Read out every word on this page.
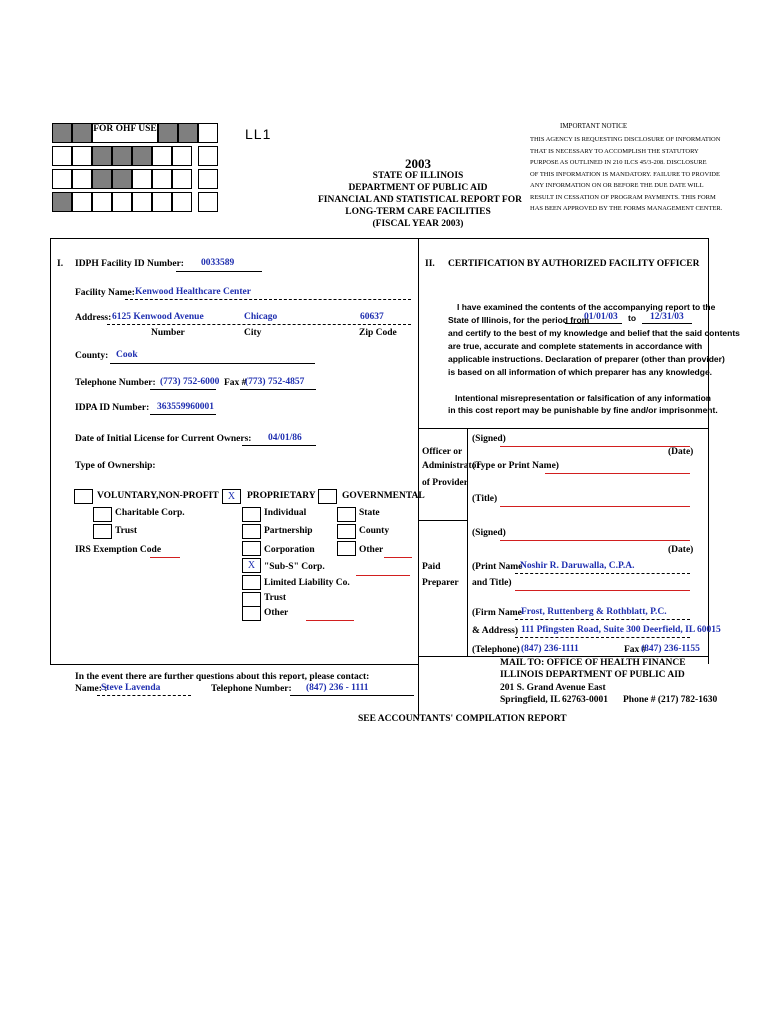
FOR OHF USE	LL1
2003
STATE OF ILLINOIS
DEPARTMENT OF PUBLIC AID
FINANCIAL AND STATISTICAL REPORT FOR
LONG-TERM CARE FACILITIES
(FISCAL YEAR 2003)
IMPORTANT NOTICE
THIS AGENCY IS REQUESTING DISCLOSURE OF INFORMATION
THAT IS NECESSARY TO ACCOMPLISH THE STATUTORY
PURPOSE AS OUTLINED IN 210 ILCS 45/3-208. DISCLOSURE
OF THIS INFORMATION IS MANDATORY. FAILURE TO PROVIDE
ANY INFORMATION ON OR BEFORE THE DUE DATE WILL
RESULT IN CESSATION OF PROGRAM PAYMENTS. THIS FORM
HAS BEEN APPROVED BY THE FORMS MANAGEMENT CENTER.
I. IDPH Facility ID Number: 0033589
Facility Name: Kenwood Healthcare Center
Address: 6125 Kenwood Avenue	Chicago	60637
Number	City	Zip Code
County: Cook
Telephone Number: (773) 752-6000 Fax #
(773) 752-4857
IDPA ID Number: 363559960001
Date of Initial License for Current Owners: 04/01/86
Type of Ownership:
VOLUNTARY,NON-PROFIT
Charitable Corp.
Trust
IRS Exemption Code
X	PROPRIETARY
Individual
Partnership
Corporation
X "Sub-S" Corp.
Limited Liability Co.
Trust
Other
GOVERNMENTAL
State
County
Other
In the event there are further questions about this report, please contact:
Name: :
Steve Lavenda	Telephone Number: (847) 236 - 1111
II. CERTIFICATION BY AUTHORIZED FACILITY OFFICER
I have examined the contents of the accompanying report to the
State of Illinois, for the period from
01/01/03 to 12/31/03
and certify to the best of my knowledge and belief that the said contents
are true, accurate and complete statements in accordance with
applicable instructions. Declaration of preparer (other than provider)
is based on all information of which preparer has any knowledge.
Intentional misrepresentation or falsification of any information
in this cost report may be punishable by fine and/or imprisonment.
Officer or
Administrator
of Provider
(Signed)
(Date)
(Type or Print Name)
(Title)
(Signed)
(Date)
Paid
Preparer
(Print Name
Noshir R. Daruwalla, C.P.A.
and Title)
(Firm Name Frost, Ruttenberg & Rothblatt, P.C.
& Address) 111 Pfingsten Road, Suite 300 Deerfield, IL 60015
(Telephone) (847) 236-1111	Fax #
(847) 236-1155
MAIL TO: OFFICE OF HEALTH FINANCE
ILLINOIS DEPARTMENT OF PUBLIC AID
201 S. Grand Avenue East
Springfield, IL 62763-0001 Phone # (217) 782-1630
SEE ACCOUNTANTS' COMPILATION REPORT
